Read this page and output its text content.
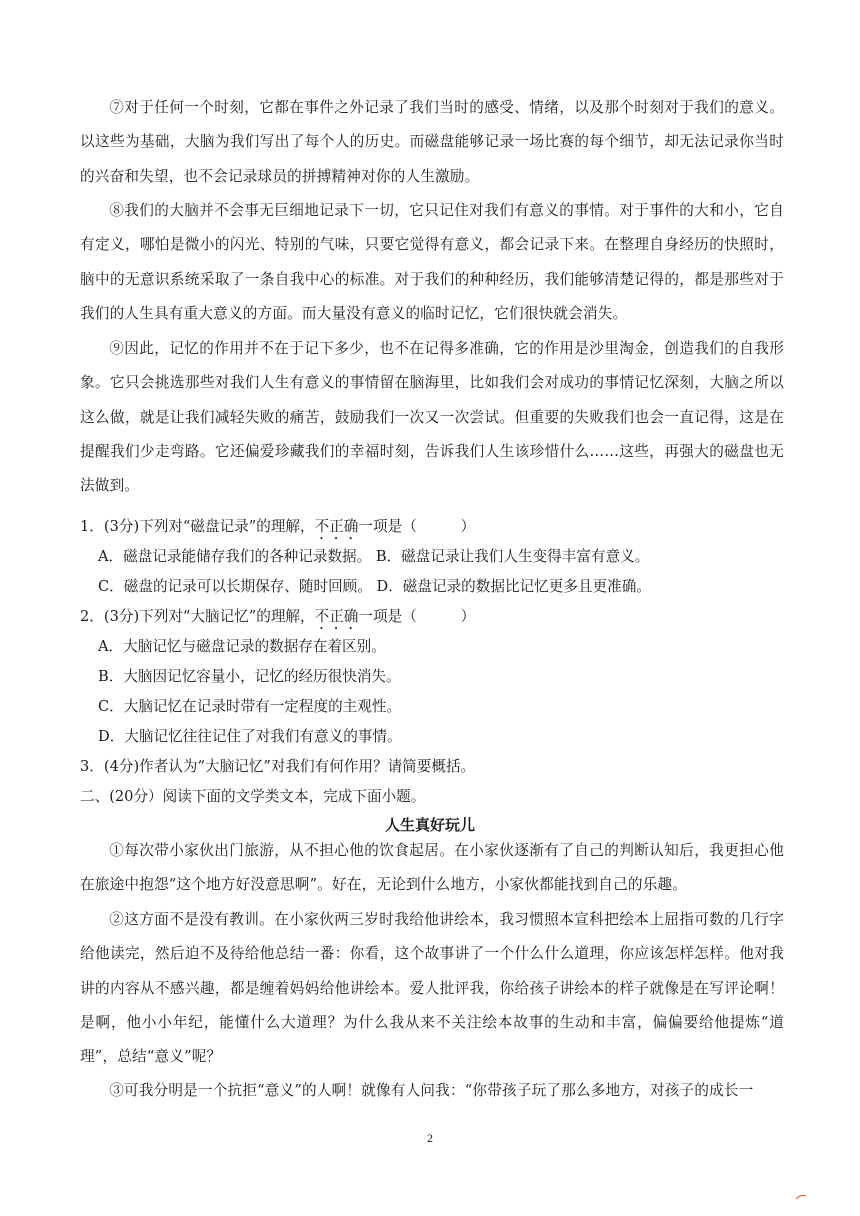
⑦对于任何一个时刻，它都在事件之外记录了我们当时的感受、情绪，以及那个时刻对于我们的意义。以这些为基础，大脑为我们写出了每个人的历史。而磁盘能够记录一场比赛的每个细节，却无法记录你当时的兴奋和失望，也不会记录球员的拼搏精神对你的人生激励。

⑧我们的大脑并不会事无巨细地记录下一切，它只记住对我们有意义的事情。对于事件的大和小，它自有定义，哪怕是微小的闪光、特别的气味，只要它觉得有意义，都会记录下来。在整理自身经历的快照时，脑中的无意识系统采取了一条自我中心的标准。对于我们的种种经历，我们能够清楚记得的，都是那些对于我们的人生具有重大意义的方面。而大量没有意义的临时记忆，它们很快就会消失。

⑨因此，记忆的作用并不在于记下多少，也不在记得多准确，它的作用是沙里淘金，创造我们的自我形象。它只会挑选那些对我们人生有意义的事情留在脑海里，比如我们会对成功的事情记忆深刻，大脑之所以这么做，就是让我们减轻失败的痛苦，鼓励我们一次又一次尝试。但重要的失败我们也会一直记得，这是在提醒我们少走弯路。它还偏爱珍藏我们的幸福时刻，告诉我们人生该珍惜什么……这些，再强大的磁盘也无法做到。

1．(3分)下列对“磁盘记录”的理解，不正确一项是（　　　）
A．磁盘记录能储存我们的各种记录数据。 B．磁盘记录让我们人生变得丰富有意义。
C．磁盘的记录可以长期保存、随时回顾。 D．磁盘记录的数据比记忆更多且更准确。
2．(3分)下列对“大脑记忆”的理解，不正确一项是（　　　）
A．大脑记忆与磁盘记录的数据存在着区别。
B．大脑因记忆容量小，记忆的经历很快消失。
C．大脑记忆在记录时带有一定程度的主观性。
D．大脑记忆往往记住了对我们有意义的事情。
3．(4分)作者认为“大脑记忆”对我们有何作用？请简要概括。
二、(20分）阅读下面的文学类文本，完成下面小题。
人生真好玩儿

①每次带小家伙出门旅游，从不担心他的饮食起居。在小家伙逐渐有了自己的判断认知后，我更担心他在旅途中抱怨“这个地方好没意思啊”。好在，无论到什么地方，小家伙都能找到自己的乐趣。

②这方面不是没有教训。在小家伙两三岁时我给他讲绘本，我习惯照本宣科把绘本上屈指可数的几行字给他读完，然后迫不及待给他总结一番：你看，这个故事讲了一个什么什么道理，你应该怎样怎样。他对我讲的内容从不感兴趣，都是缠着妈妈给他讲绘本。爱人批评我，你给孩子讲绘本的样子就像是在写评论啊！是啊，他小小年纪，能懂什么大道理？为什么我从来不关注绘本故事的生动和丰富，偏偏要给他提炼“道理”，总结“意义”呢？

③可我分明是一个抗拒“意义”的人啊！就像有人问我：“你带孩子玩了那么多地方，对孩子的成长一

2
